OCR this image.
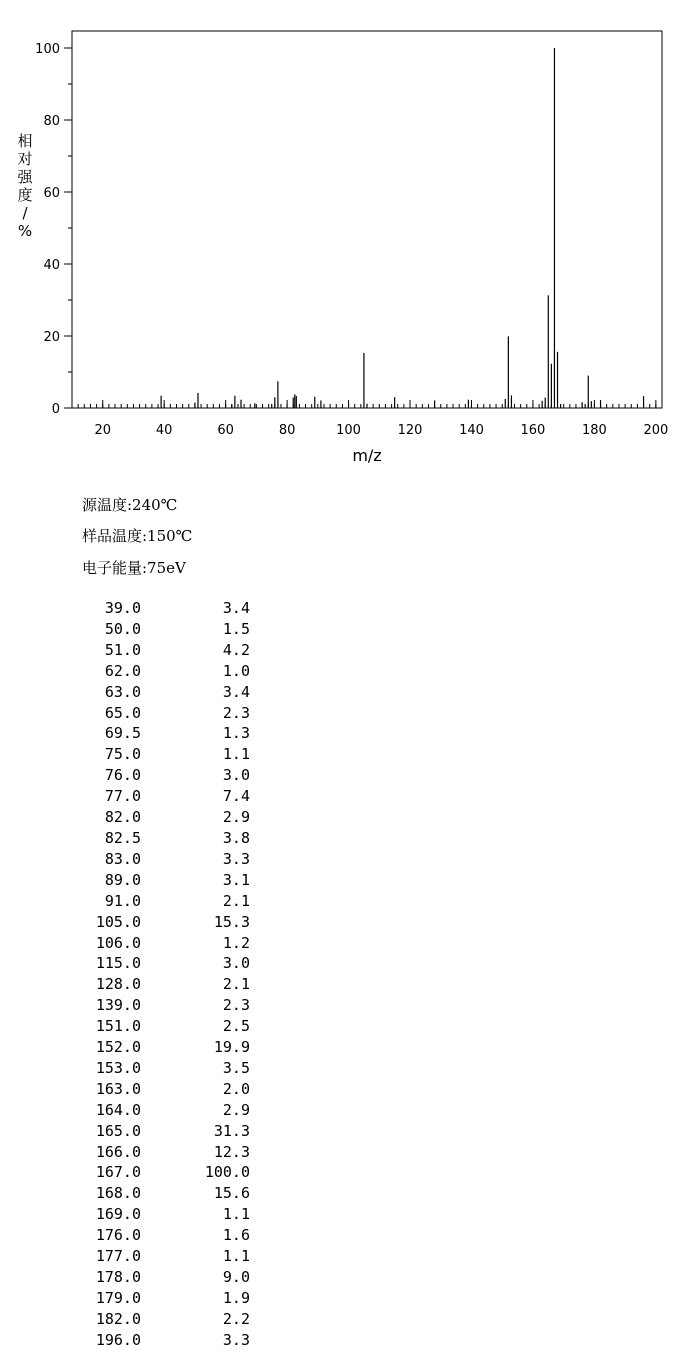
0
20
40
60
80
100
20	40	60	80	100	120	140	160	180	200
m/z
相对强度/ %
源温度:240℃
样品温度:150℃
电子能量:75eV
39.0	3.4
50.0	1.5
51.0	4.2
62.0	1.0
63.0	3.4
65.0	2.3
69.5	1.3
75.0	1.1
76.0	3.0
77.0	7.4
82.0	2.9
82.5	3.8
83.0	3.3
89.0	3.1
91.0	2.1
105.0	15.3
106.0	1.2
115.0	3.0
128.0	2.1
139.0	2.3
151.0	2.5
152.0	19.9
153.0	3.5
163.0	2.0
164.0	2.9
165.0	31.3
166.0	12.3
167.0	100.0
168.0	15.6
169.0	1.1
176.0	1.6
177.0	1.1
178.0	9.0
179.0	1.9
182.0	2.2
196.0	3.3
